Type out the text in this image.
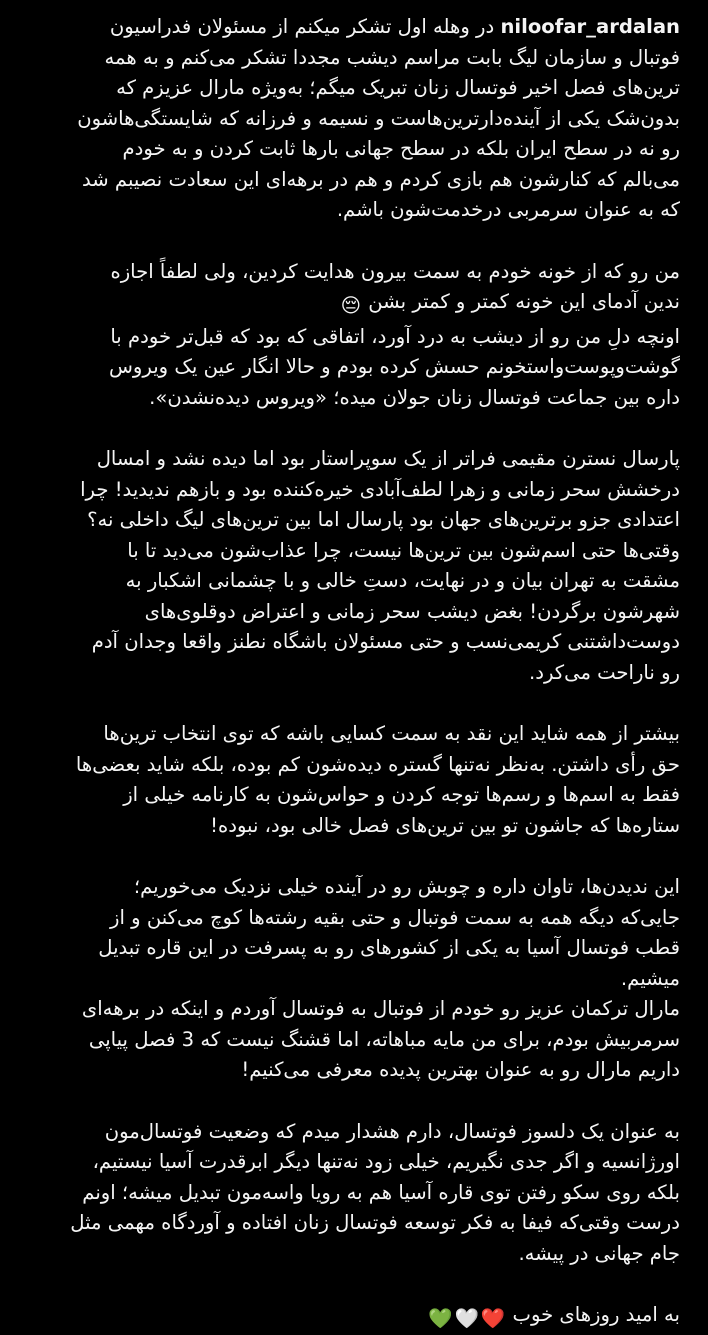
niloofar_ardalan در وهله اول تشکر میکنم از مسئولان فدراسیون
فوتبال و سازمان لیگ بابت مراسم دیشب مجددا تشکر می‌کنم و به همه
ترین‌های فصل اخیر فوتسال زنان تبریک میگم؛ به‌ویژه مارال عزیزم که
بدون‌شک یکی از آینده‌دارترین‌هاست و نسیمه و فرزانه که شایستگی‌هاشون
رو نه در سطح ایران بلکه در سطح جهانی بارها ثابت کردن و به خودم
می‌بالم که کنارشون هم بازی کردم و هم در برهه‌ای این سعادت نصیبم شد
که به عنوان سرمربی درخدمت‌شون باشم.
من رو که از خونه خودم به سمت بیرون هدایت کردین، ولی لطفاً اجازه
ندین آدمای این خونه کمتر و کمتر بشن 😔
اونچه دلِ من رو از دیشب به درد آورد، اتفاقی که بود که قبل‌تر خودم با
گوشت‌وپوست‌واستخونم حسش کرده بودم و حالا انگار عین یک ویروس
داره بین جماعت فوتسال زنان جولان میده؛ «ویروس دیده‌نشدن».
پارسال نسترن مقیمی فراتر از یک سوپراستار بود اما دیده نشد و امسال
درخشش سحر زمانی و زهرا لطف‌آبادی خیره‌کننده بود و بازهم ندیدید! چرا
اعتدادی جزو برترین‌های جهان بود پارسال اما بین ترین‌های لیگ داخلی نه؟
وقتی‌ها حتی اسم‌شون بین ترین‌ها نیست، چرا عذاب‌شون می‌دید تا با
مشقت به تهران بیان و در نهایت، دستِ خالی و با چشمانی اشکبار به
شهرشون برگردن! بغض دیشب سحر زمانی و اعتراض دوقلوی‌های
دوست‌داشتنی کریمی‌نسب و حتی مسئولان باشگاه نطنز واقعا وجدان آدم
رو ناراحت می‌کرد.
بیشتر از همه شاید این نقد به سمت کسایی باشه که توی انتخاب ترین‌ها
حق رأی داشتن. به‌نظر نه‌تنها گستره دیده‌شون کم بوده، بلکه شاید بعضی‌ها
فقط به اسم‌ها و رسم‌ها توجه کردن و حواس‌شون به کارنامه خیلی از
ستاره‌ها که جاشون تو بین ترین‌های فصل خالی بود، نبوده!
این ندیدن‌ها، تاوان داره و چوبش رو در آینده خیلی نزدیک می‌خوریم؛
جایی‌که دیگه همه به سمت فوتبال و حتی بقیه رشته‌ها کوچ می‌کنن و از
قطب فوتسال آسیا به یکی از کشورهای رو به پسرفت در این قاره تبدیل
میشیم.
مارال ترکمان عزیز رو خودم از فوتبال به فوتسال آوردم و اینکه در برهه‌ای
سرمربیش بودم، برای من مایه مباهاته، اما قشنگ نیست که 3 فصل پیاپی
داریم مارال رو به عنوان بهترین پدیده معرفی می‌کنیم!
به عنوان یک دلسوز فوتسال، دارم هشدار میدم که وضعیت فوتسال‌مون
اورژانسیه و اگر جدی نگیریم، خیلی زود نه‌تنها دیگر ابرقدرت آسیا نیستیم،
بلکه روی سکو رفتن توی قاره آسیا هم به رویا واسه‌مون تبدیل میشه؛ اونم
درست وقتی‌که فیفا به فکر توسعه فوتسال زنان افتاده و آوردگاه مهمی مثل
جام جهانی در پیشه.
به امید روزهای خوب ❤️🤍💚
